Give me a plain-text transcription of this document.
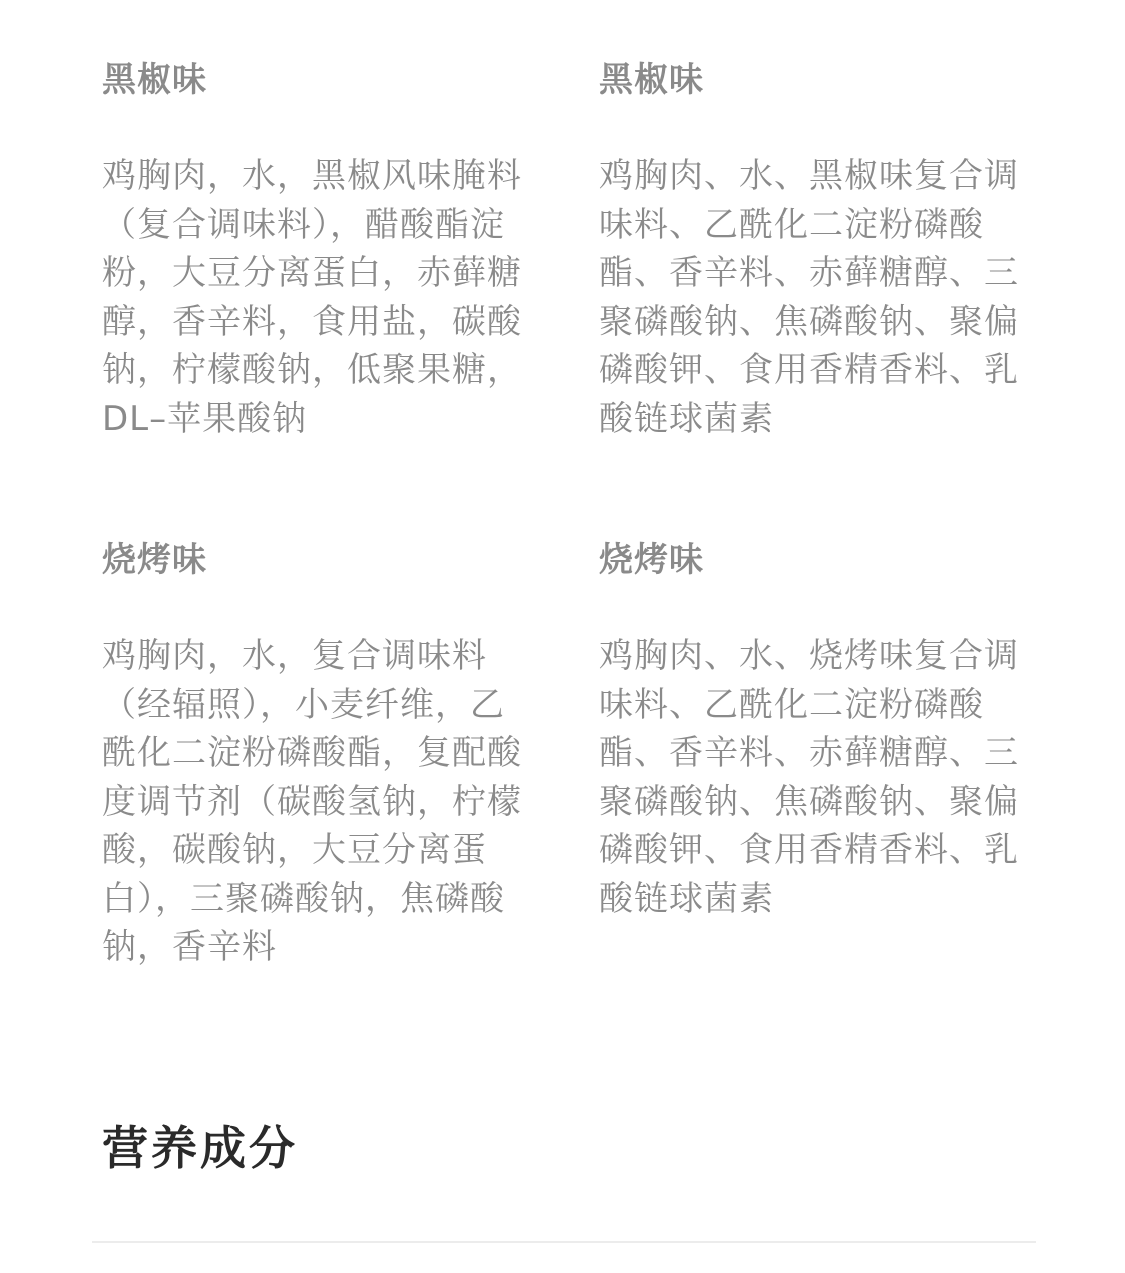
黑椒味
鸡胸肉，水，黑椒风味腌料
（复合调味料），醋酸酯淀
粉，大豆分离蛋白，赤藓糖
醇，香辛料，食用盐，碳酸
钠，柠檬酸钠，低聚果糖，
DL–苹果酸钠
黑椒味
鸡胸肉、水、黑椒味复合调
味料、乙酰化二淀粉磷酸
酯、香辛料、赤藓糖醇、三
聚磷酸钠、焦磷酸钠、聚偏
磷酸钾、食用香精香料、乳
酸链球菌素
烧烤味
鸡胸肉，水，复合调味料
（经辐照），小麦纤维，乙
酰化二淀粉磷酸酯，复配酸
度调节剂（碳酸氢钠，柠檬
酸，碳酸钠，大豆分离蛋
白），三聚磷酸钠，焦磷酸
钠，香辛料
烧烤味
鸡胸肉、水、烧烤味复合调
味料、乙酰化二淀粉磷酸
酯、香辛料、赤藓糖醇、三
聚磷酸钠、焦磷酸钠、聚偏
磷酸钾、食用香精香料、乳
酸链球菌素
营养成分
